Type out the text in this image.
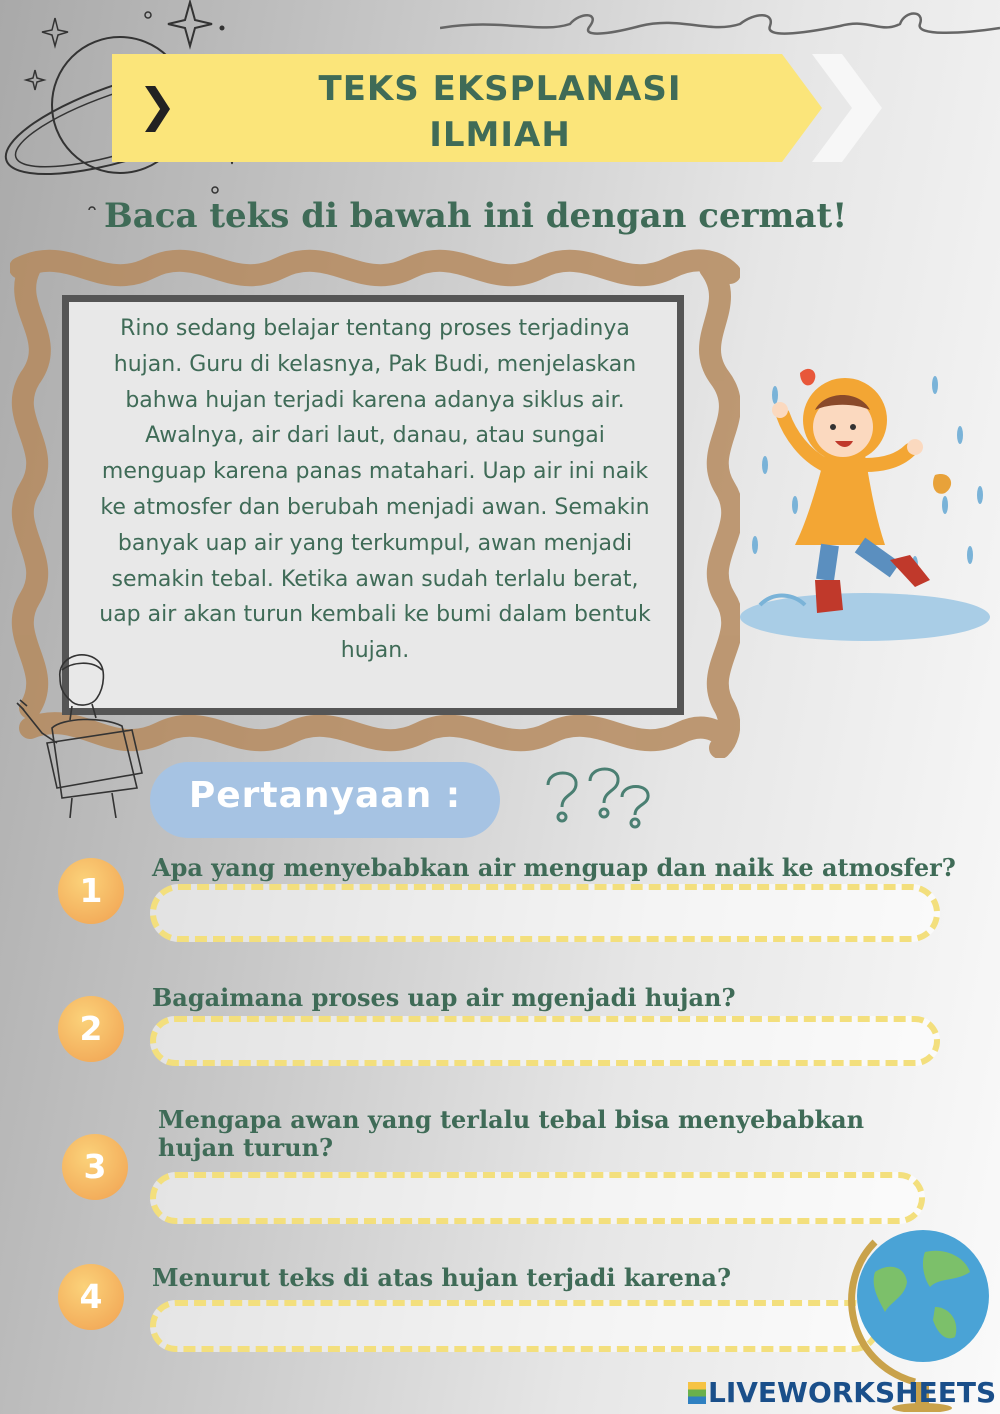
❯	TEKS EKSPLANASI
ILMIAH
Baca teks di bawah ini dengan cermat!
Rino sedang belajar tentang proses terjadinya hujan. Guru di kelasnya, Pak Budi, menjelaskan bahwa hujan terjadi karena adanya siklus air. Awalnya, air dari laut, danau, atau sungai menguap karena panas matahari. Uap air ini naik ke atmosfer dan berubah menjadi awan. Semakin banyak uap air yang terkumpul, awan menjadi semakin tebal. Ketika awan sudah terlalu berat, uap air akan turun kembali ke bumi dalam bentuk hujan.
Pertanyaan :
1
Apa yang menyebabkan air menguap dan naik ke atmosfer?
2
Bagaimana proses uap air mgenjadi hujan?
3
Mengapa awan yang terlalu tebal bisa menyebabkan hujan turun?
4	Menurut teks di atas hujan terjadi karena?
LIVEWORKSHEETS
